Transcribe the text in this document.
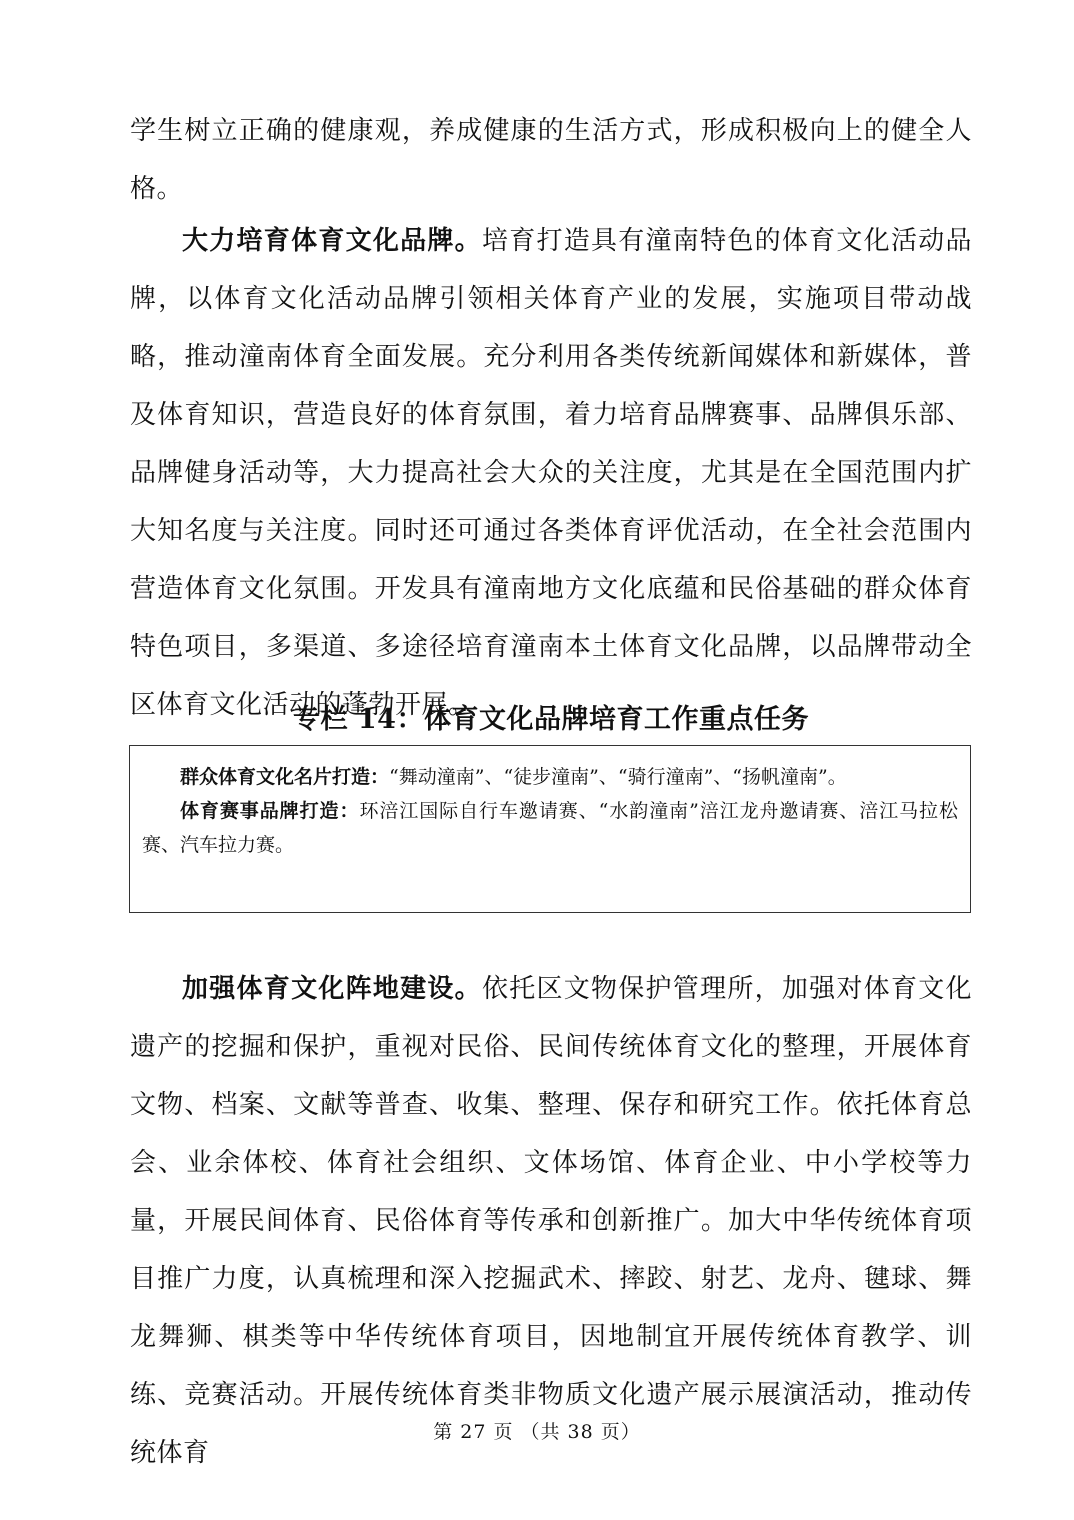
学生树立正确的健康观，养成健康的生活方式，形成积极向上的健全人格。
大力培育体育文化品牌。培育打造具有潼南特色的体育文化活动品牌，以体育文化活动品牌引领相关体育产业的发展，实施项目带动战略，推动潼南体育全面发展。充分利用各类传统新闻媒体和新媒体，普及体育知识，营造良好的体育氛围，着力培育品牌赛事、品牌俱乐部、品牌健身活动等，大力提高社会大众的关注度，尤其是在全国范围内扩大知名度与关注度。同时还可通过各类体育评优活动，在全社会范围内营造体育文化氛围。开发具有潼南地方文化底蕴和民俗基础的群众体育特色项目，多渠道、多途径培育潼南本土体育文化品牌，以品牌带动全区体育文化活动的蓬勃开展。
专栏 14：体育文化品牌培育工作重点任务

群众体育文化名片打造：“舞动潼南”、“徒步潼南”、“骑行潼南”、“扬帆潼南”。

体育赛事品牌打造：环涪江国际自行车邀请赛、“水韵潼南”涪江龙舟邀请赛、涪江马拉松赛、汽车拉力赛。

加强体育文化阵地建设。依托区文物保护管理所，加强对体育文化遗产的挖掘和保护，重视对民俗、民间传统体育文化的整理，开展体育文物、档案、文献等普查、收集、整理、保存和研究工作。依托体育总会、业余体校、体育社会组织、文体场馆、体育企业、中小学校等力量，开展民间体育、民俗体育等传承和创新推广。加大中华传统体育项目推广力度，认真梳理和深入挖掘武术、摔跤、射艺、龙舟、毽球、舞龙舞狮、棋类等中华传统体育项目，因地制宜开展传统体育教学、训练、竞赛活动。开展传统体育类非物质文化遗产展示展演活动，推动传统体育
第 27 页 （共 38 页）
